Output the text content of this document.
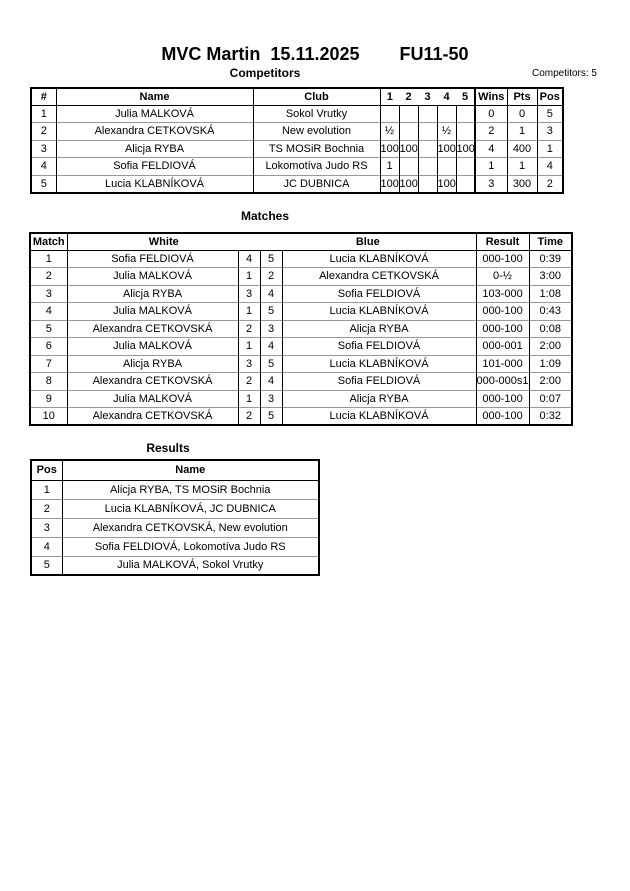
MVC Martin  15.11.2025        FU11-50
Competitors	Competitors: 5
#	Name	Club	1	2	3	4	5	Wins	Pts	Pos
1	Julia MALKOVÁ	Sokol Vrutky						0	0	5
2	Alexandra CETKOVSKÁ	New evolution	½			½		2	1	3
3	Alicja RYBA	TS MOSiR Bochnia	100	100		100	100	4	400	1
4	Sofia FELDIOVÁ	Lokomotíva Judo RS	1					1	1	4
5	Lucia KLABNÍKOVÁ	JC DUBNICA	100	100		100		3	300	2
Matches
Match	White		Blue		Result	Time
1	Sofia FELDIOVÁ	4	5	Lucia KLABNÍKOVÁ	000-100	0:39
2	Julia MALKOVÁ	1	2	Alexandra CETKOVSKÁ	0-½	3:00
3	Alicja RYBA	3	4	Sofia FELDIOVÁ	103-000	1:08
4	Julia MALKOVÁ	1	5	Lucia KLABNÍKOVÁ	000-100	0:43
5	Alexandra CETKOVSKÁ	2	3	Alicja RYBA	000-100	0:08
6	Julia MALKOVÁ	1	4	Sofia FELDIOVÁ	000-001	2:00
7	Alicja RYBA	3	5	Lucia KLABNÍKOVÁ	101-000	1:09
8	Alexandra CETKOVSKÁ	2	4	Sofia FELDIOVÁ	000-000s1	2:00
9	Julia MALKOVÁ	1	3	Alicja RYBA	000-100	0:07
10	Alexandra CETKOVSKÁ	2	5	Lucia KLABNÍKOVÁ	000-100	0:32
Results
Pos	Name
1	Alicja RYBA, TS MOSiR Bochnia
2	Lucia KLABNÍKOVÁ, JC DUBNICA
3	Alexandra CETKOVSKÁ, New evolution
4	Sofia FELDIOVÁ, Lokomotíva Judo RS
5	Julia MALKOVÁ, Sokol Vrutky
